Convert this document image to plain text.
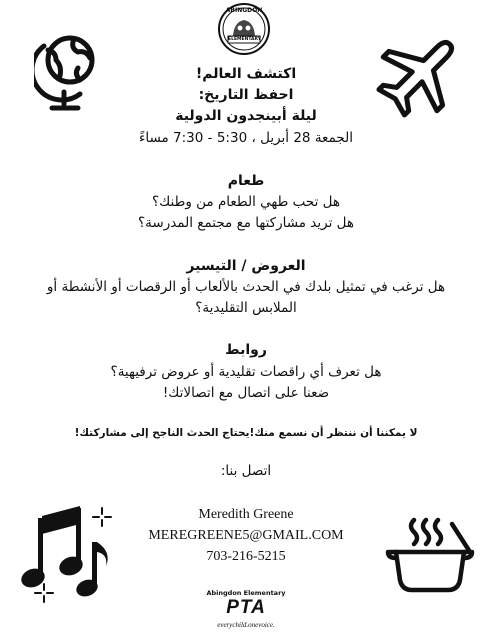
ABINGDON
ELEMENTARY
اكتشف العالم!
احفظ التاريخ:
ليلة أبينجدون الدولية
الجمعة 28 أبريل ، 5:30 - 7:30 مساءً
طعام
هل تحب طهي الطعام من وطنك؟
هل تريد مشاركتها مع مجتمع المدرسة؟
العروض / التيسير
هل ترغب في تمثيل بلدك في الحدث بالألعاب أو الرقصات أو الأنشطة أو
الملابس التقليدية؟
روابط
هل تعرف أي راقصات تقليدية أو عروض ترفيهية؟
ضعنا على اتصال مع اتصالاتك!
لا يمكننا أن ننتظر أن نسمع منك!يحتاج الحدث الناجح إلى مشاركتك!
اتصل بنا:
Meredith Greene
MEREGREENE5@GMAIL.COM
703-216-5215
Abingdon Elementary
PTA
everychild.onevoice.
